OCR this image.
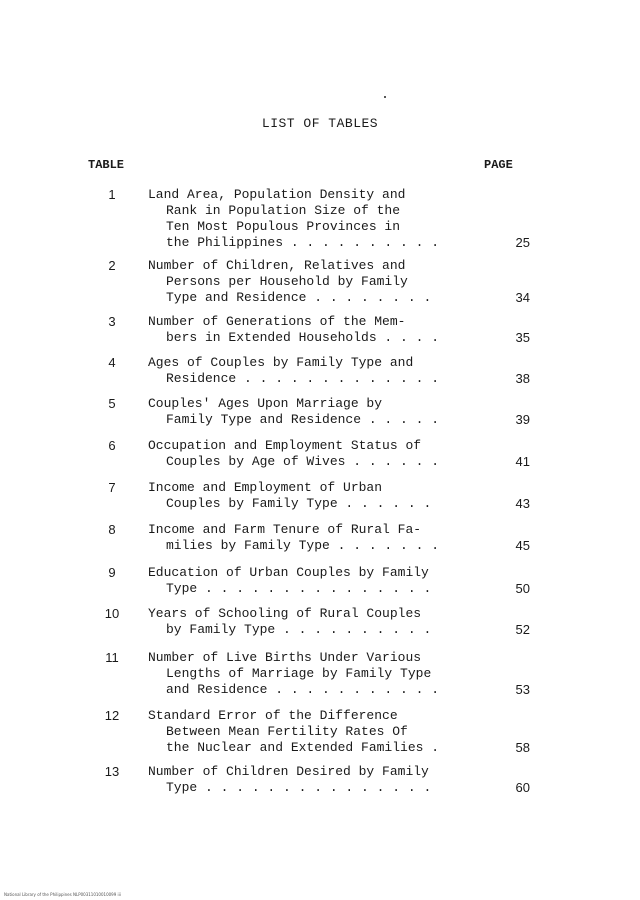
LIST OF TABLES
TABLE	PAGE
1	Land Area, Population Density and
Rank in Population Size of the
Ten Most Populous Provinces in
the Philippines . . . . . . . . . .	25
2	Number of Children, Relatives and
Persons per Household by Family
Type and Residence . . . . . . . .	34
3	Number of Generations of the Mem-
bers in Extended Households . . . .	35
4	Ages of Couples by Family Type and
Residence . . . . . . . . . . . . .	38
5	Couples' Ages Upon Marriage by
Family Type and Residence . . . . .	39
6	Occupation and Employment Status of
Couples by Age of Wives . . . . . .	41
7	Income and Employment of Urban
Couples by Family Type . . . . . .	43
8	Income and Farm Tenure of Rural Fa-
milies by Family Type . . . . . . .	45
9	Education of Urban Couples by Family
Type . . . . . . . . . . . . . . .	50
10	Years of Schooling of Rural Couples
by Family Type . . . . . . . . . .	52
11	Number of Live Births Under Various
Lengths of Marriage by Family Type
and Residence . . . . . . . . . . .	53
12	Standard Error of the Difference
Between Mean Fertility Rates Of
the Nuclear and Extended Families .	58
13	Number of Children Desired by Family
Type . . . . . . . . . . . . . . .	60
National Library of the Philippines NLP00311010010099 iii
